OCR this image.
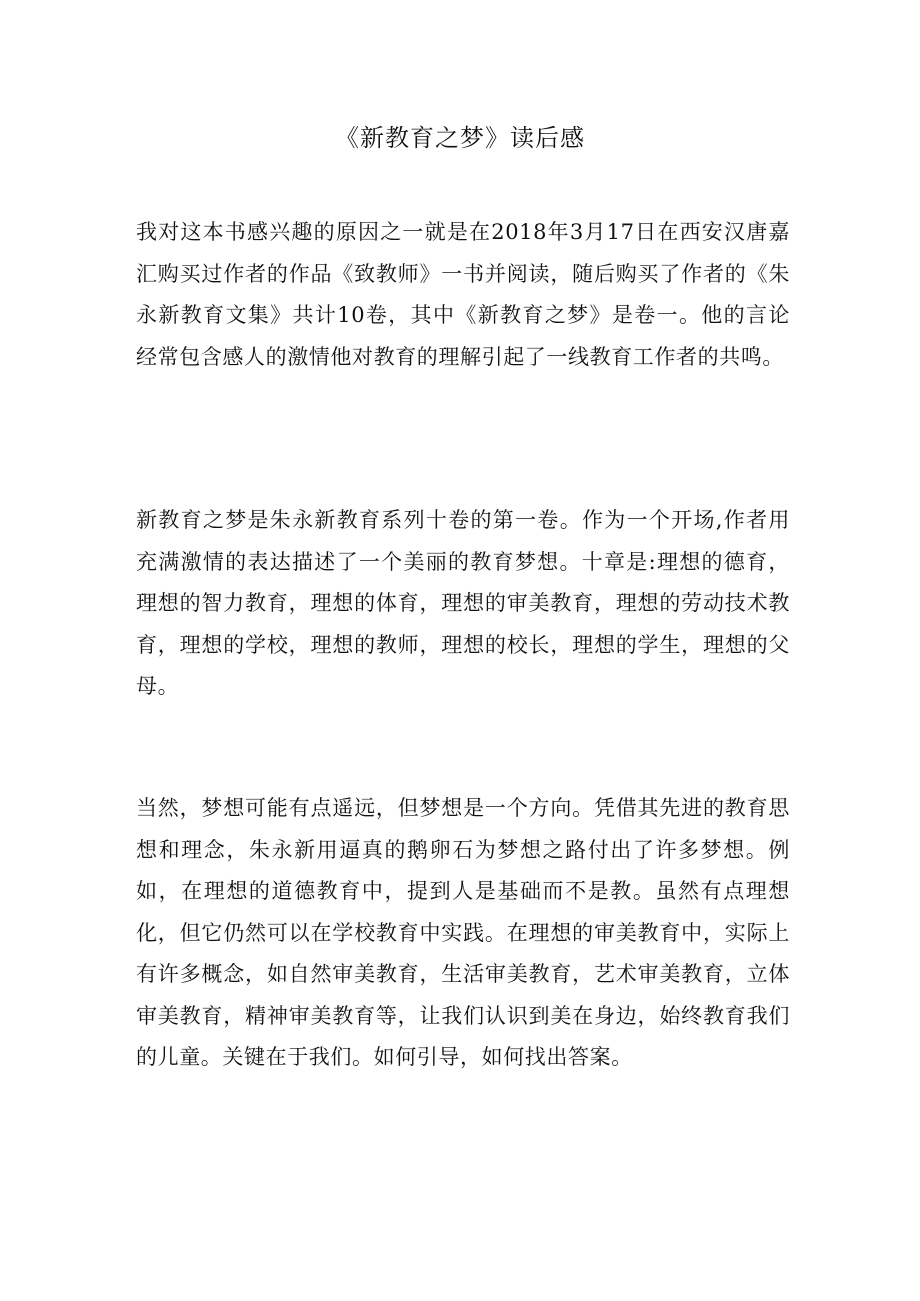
《新教育之梦》读后感

我对这本书感兴趣的原因之一就是在2018年3月17日在西安汉唐嘉汇购买过作者的作品《致教师》一书并阅读，随后购买了作者的《朱永新教育文集》共计10卷，其中《新教育之梦》是卷一。他的言论经常包含感人的激情他对教育的理解引起了一线教育工作者的共鸣。

新教育之梦是朱永新教育系列十卷的第一卷。作为一个开场,作者用充满激情的表达描述了一个美丽的教育梦想。十章是:理想的德育，理想的智力教育，理想的体育，理想的审美教育，理想的劳动技术教育，理想的学校，理想的教师，理想的校长，理想的学生，理想的父母。

当然，梦想可能有点遥远，但梦想是一个方向。凭借其先进的教育思想和理念，朱永新用逼真的鹅卵石为梦想之路付出了许多梦想。例如，在理想的道德教育中，提到人是基础而不是教。虽然有点理想化，但它仍然可以在学校教育中实践。在理想的审美教育中，实际上有许多概念，如自然审美教育，生活审美教育，艺术审美教育，立体审美教育，精神审美教育等，让我们认识到美在身边，始终教育我们的儿童。关键在于我们。如何引导，如何找出答案。
